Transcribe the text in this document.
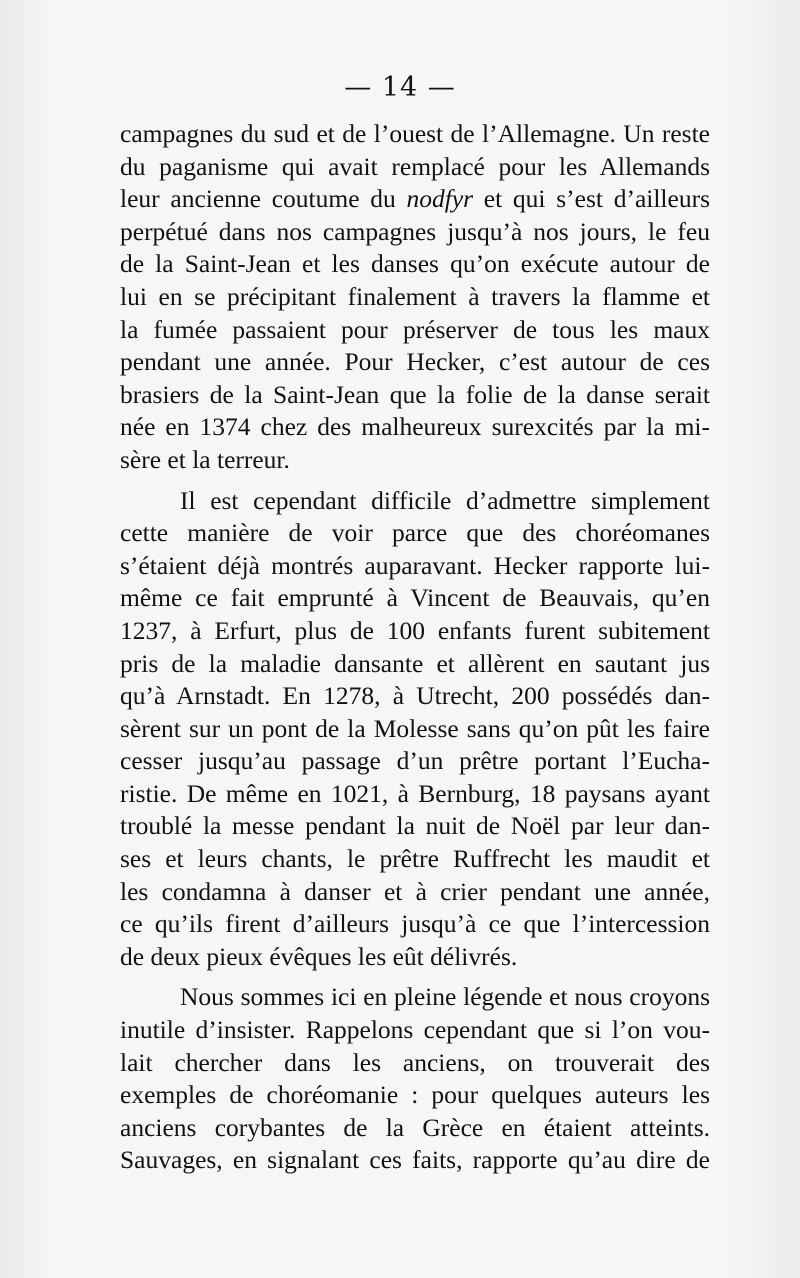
— 14 —
campagnes du sud et de l’ouest de l’Allemagne. Un reste
du paganisme qui avait remplacé pour les Allemands
leur ancienne coutume du nodfyr et qui s’est d’ailleurs
perpétué dans nos campagnes jusqu’à nos jours, le feu
de la Saint-Jean et les danses qu’on exécute autour de
lui en se précipitant finalement à travers la flamme et
la fumée passaient pour préserver de tous les maux
pendant une année. Pour Hecker, c’est autour de ces
brasiers de la Saint-Jean que la folie de la danse serait
née en 1374 chez des malheureux surexcités par la mi-
sère et la terreur.
Il est cependant difficile d’admettre simplement
cette manière de voir parce que des choréomanes
s’étaient déjà montrés auparavant. Hecker rapporte lui-
même ce fait emprunté à Vincent de Beauvais, qu’en
1237, à Erfurt, plus de 100 enfants furent subitement
pris de la maladie dansante et allèrent en sautant jus
qu’à Arnstadt. En 1278, à Utrecht, 200 possédés dan-
sèrent sur un pont de la Molesse sans qu’on pût les faire
cesser jusqu’au passage d’un prêtre portant l’Eucha-
ristie. De même en 1021, à Bernburg, 18 paysans ayant
troublé la messe pendant la nuit de Noël par leur dan-
ses et leurs chants, le prêtre Ruffrecht les maudit et
les condamna à danser et à crier pendant une année,
ce qu’ils firent d’ailleurs jusqu’à ce que l’intercession
de deux pieux évêques les eût délivrés.
Nous sommes ici en pleine légende et nous croyons
inutile d’insister. Rappelons cependant que si l’on vou-
lait chercher dans les anciens, on trouverait des
exemples de choréomanie : pour quelques auteurs les
anciens corybantes de la Grèce en étaient atteints.
Sauvages, en signalant ces faits, rapporte qu’au dire de
